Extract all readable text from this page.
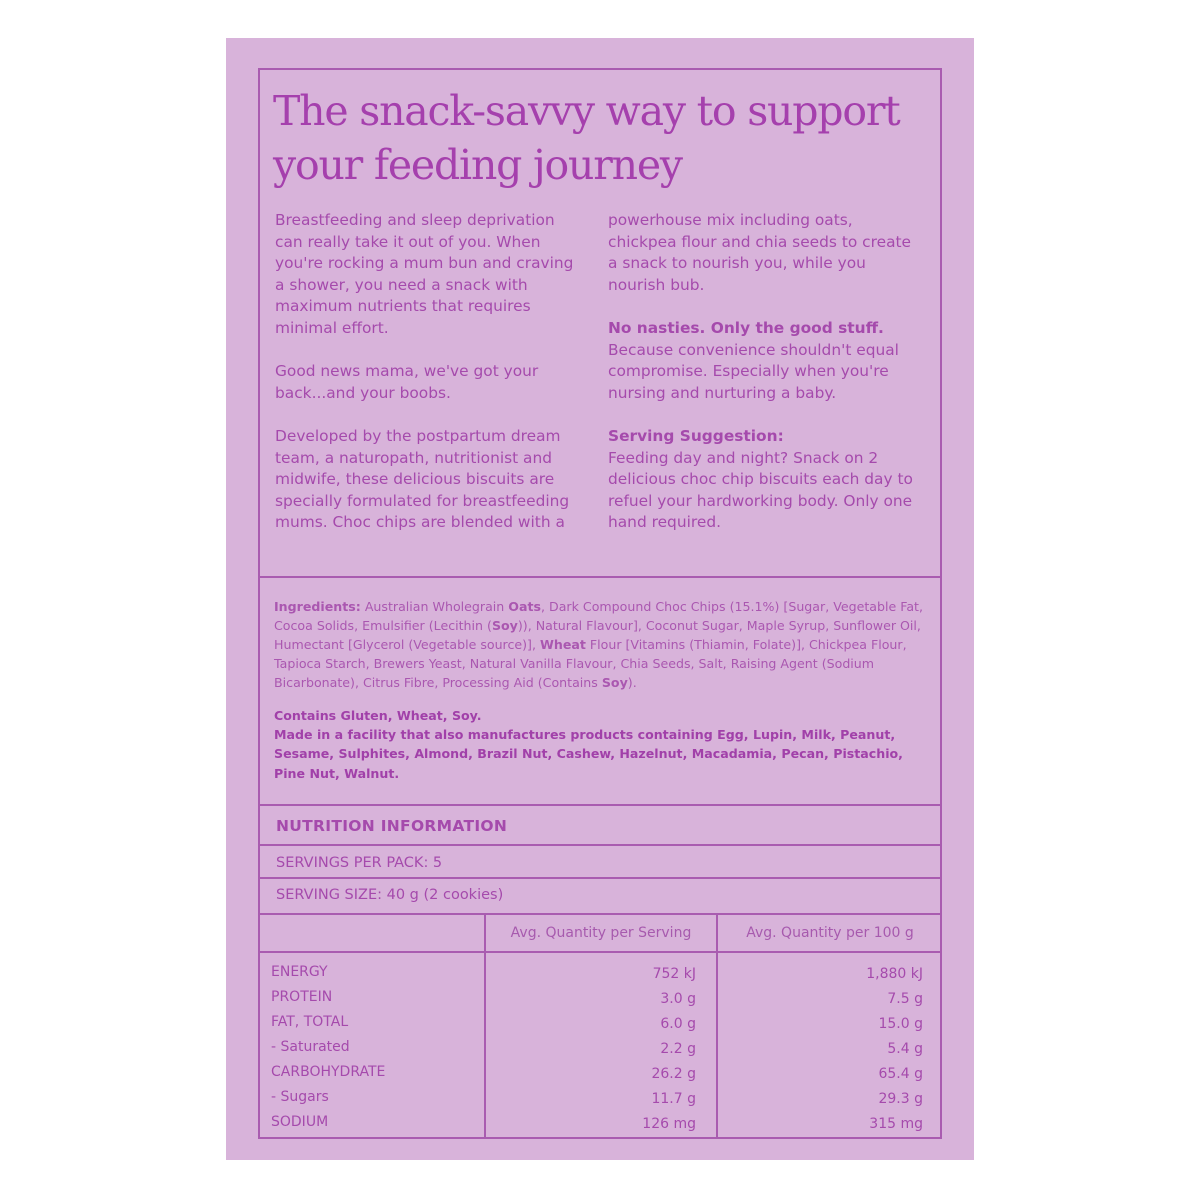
The snack-savvy way to support your feeding journey

Breastfeeding and sleep deprivation can really take it out of you. When you're rocking a mum bun and craving a shower, you need a snack with maximum nutrients that requires minimal effort.

Good news mama, we've got your back...and your boobs.

Developed by the postpartum dream team, a naturopath, nutritionist and midwife, these delicious biscuits are specially formulated for breastfeeding mums. Choc chips are blended with a

powerhouse mix including oats, chickpea flour and chia seeds to create a snack to nourish you, while you nourish bub.

No nasties. Only the good stuff.
Because convenience shouldn't equal compromise. Especially when you're nursing and nurturing a baby.

Serving Suggestion:
Feeding day and night? Snack on 2 delicious choc chip biscuits each day to refuel your hardworking body. Only one hand required.

Ingredients: Australian Wholegrain Oats, Dark Compound Choc Chips (15.1%) [Sugar, Vegetable Fat, Cocoa Solids, Emulsifier (Lecithin (Soy)), Natural Flavour], Coconut Sugar, Maple Syrup, Sunflower Oil, Humectant [Glycerol (Vegetable source)], Wheat Flour [Vitamins (Thiamin, Folate)], Chickpea Flour, Tapioca Starch, Brewers Yeast, Natural Vanilla Flavour, Chia Seeds, Salt, Raising Agent (Sodium Bicarbonate), Citrus Fibre, Processing Aid (Contains Soy).
Contains Gluten, Wheat, Soy.
Made in a facility that also manufactures products containing Egg, Lupin, Milk, Peanut, Sesame, Sulphites, Almond, Brazil Nut, Cashew, Hazelnut, Macadamia, Pecan, Pistachio, Pine Nut, Walnut.
NUTRITION INFORMATION
SERVINGS PER PACK: 5
SERVING SIZE: 40 g (2 cookies)
Avg. Quantity per Serving	Avg. Quantity per 100 g
ENERGY
PROTEIN
FAT, TOTAL
- Saturated
CARBOHYDRATE
- Sugars
SODIUM
752 kJ
3.0 g
6.0 g
2.2 g
26.2 g
11.7 g
126 mg
1,880 kJ
7.5 g
15.0 g
5.4 g
65.4 g
29.3 g
315 mg
